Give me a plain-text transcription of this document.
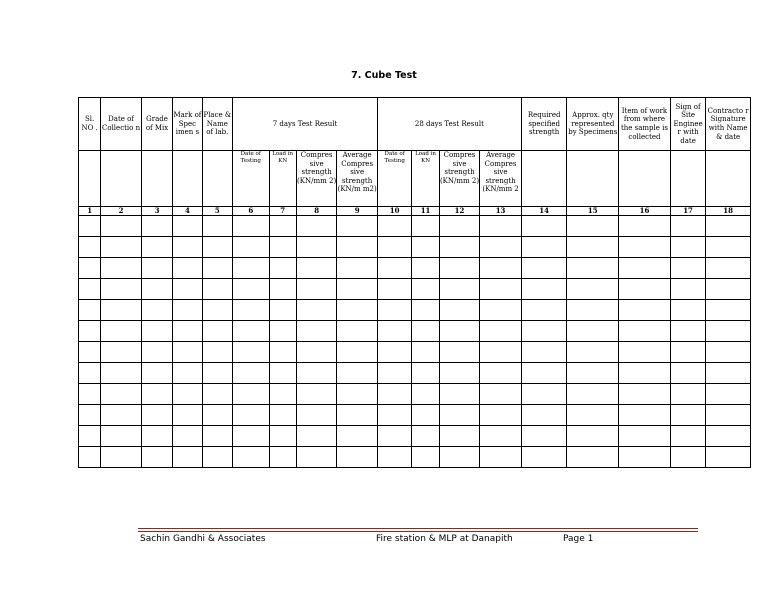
7. Cube Test
Sl. NO .	Date of Collectio n	Grade of Mix	Mark of Spec imen s	Place & Name of lab.	7 days Test Result				28 days Test Result				Required specified strength	Approx. qty represented by Specimens	Item of work from where the sample is collected	Sign of Site Enginee r with date	Contracto r Signature with Name & date
					Date of Testing	Load in KN	Compres sive strength (KN/mm 2)	Average Compres sive strength (KN/m m2)	Date of Testing	Load in KN	Compres sive strength (KN/mm 2)	Average Compres sive strength (KN/mm 2					
1	2	3	4	5	6	7	8	9	10	11	12	13	14	15	16	17	18

Sachin Gandhi & Associates	Fire station & MLP at Danapith	Page 1
